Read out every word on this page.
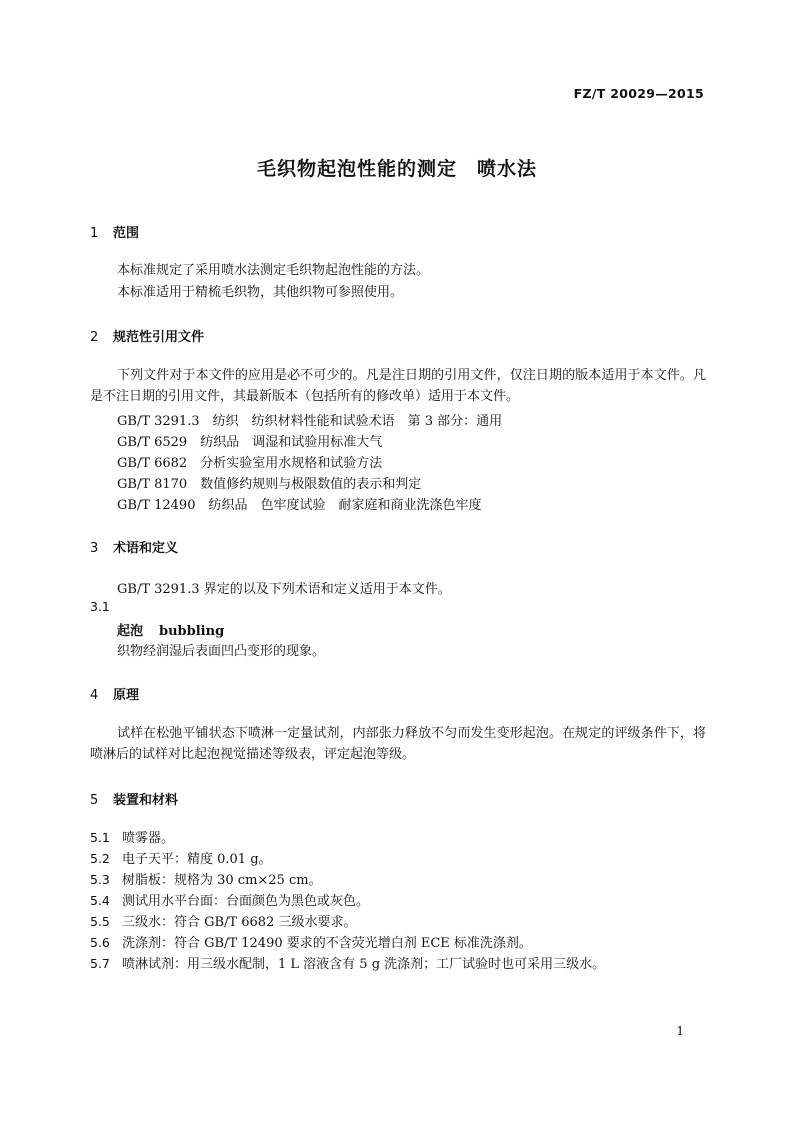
FZ/T 20029—2015
毛织物起泡性能的测定　喷水法
1 范围

本标准规定了采用喷水法测定毛织物起泡性能的方法。

本标准适用于精梳毛织物，其他织物可参照使用。

2 规范性引用文件

下列文件对于本文件的应用是必不可少的。凡是注日期的引用文件，仅注日期的版本适用于本文件。凡是不注日期的引用文件，其最新版本（包括所有的修改单）适用于本文件。

GB/T 3291.3 纺织　纺织材料性能和试验术语　第 3 部分：通用
GB/T 6529 纺织品　调湿和试验用标准大气
GB/T 6682 分析实验室用水规格和试验方法
GB/T 8170 数值修约规则与极限数值的表示和判定
GB/T 12490 纺织品　色牢度试验　耐家庭和商业洗涤色牢度
3 术语和定义
GB/T 3291.3 界定的以及下列术语和定义适用于本文件。
3.1
起泡 bubbling
织物经润湿后表面凹凸变形的现象。
4 原理

试样在松弛平铺状态下喷淋一定量试剂，内部张力释放不匀而发生变形起泡。在规定的评级条件下，将喷淋后的试样对比起泡视觉描述等级表，评定起泡等级。

5 装置和材料
5.1 喷雾器。
5.2 电子天平：精度 0.01 g。
5.3 树脂板：规格为 30 cm×25 cm。
5.4 测试用水平台面：台面颜色为黑色或灰色。
5.5 三级水：符合 GB/T 6682 三级水要求。
5.6 洗涤剂：符合 GB/T 12490 要求的不含荧光增白剂 ECE 标准洗涤剂。
5.7 喷淋试剂：用三级水配制，1 L 溶液含有 5 g 洗涤剂；工厂试验时也可采用三级水。
1
